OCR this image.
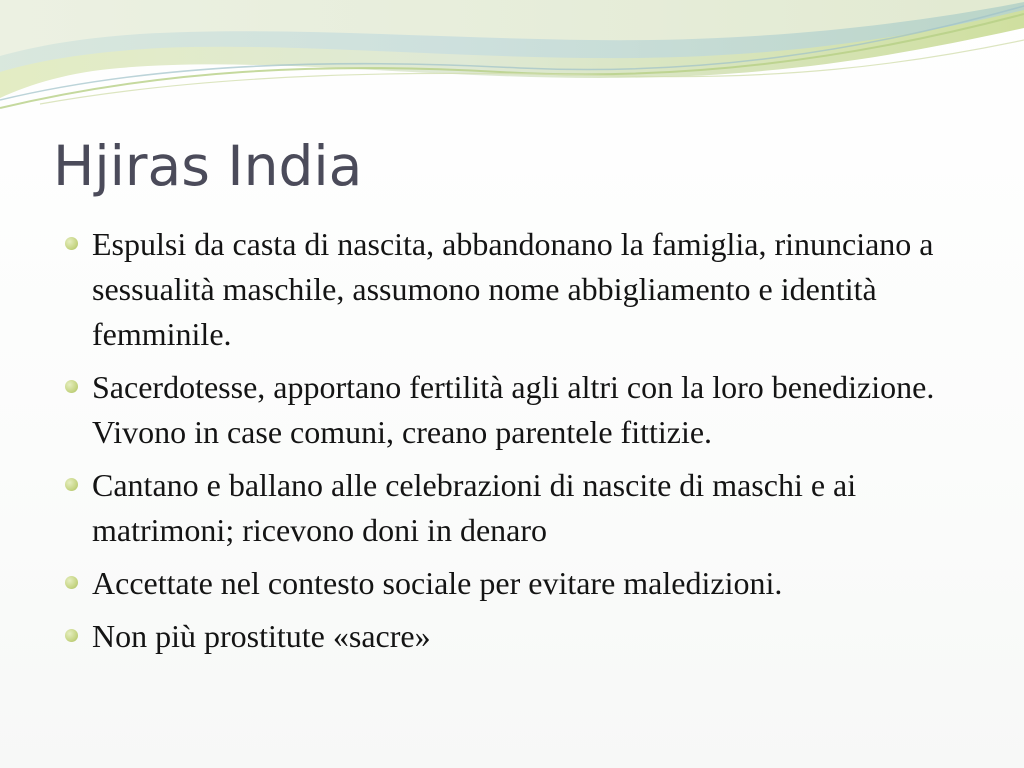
Hjiras India
Espulsi da casta di nascita, abbandonano la famiglia, rinunciano a sessualità maschile, assumono nome abbigliamento e identità femminile.
Sacerdotesse, apportano fertilità agli altri con la loro benedizione. Vivono in case comuni, creano parentele fittizie.
Cantano e ballano alle celebrazioni di nascite di maschi e ai matrimoni; ricevono doni in denaro
Accettate nel contesto sociale per evitare maledizioni.
Non più prostitute «sacre»
